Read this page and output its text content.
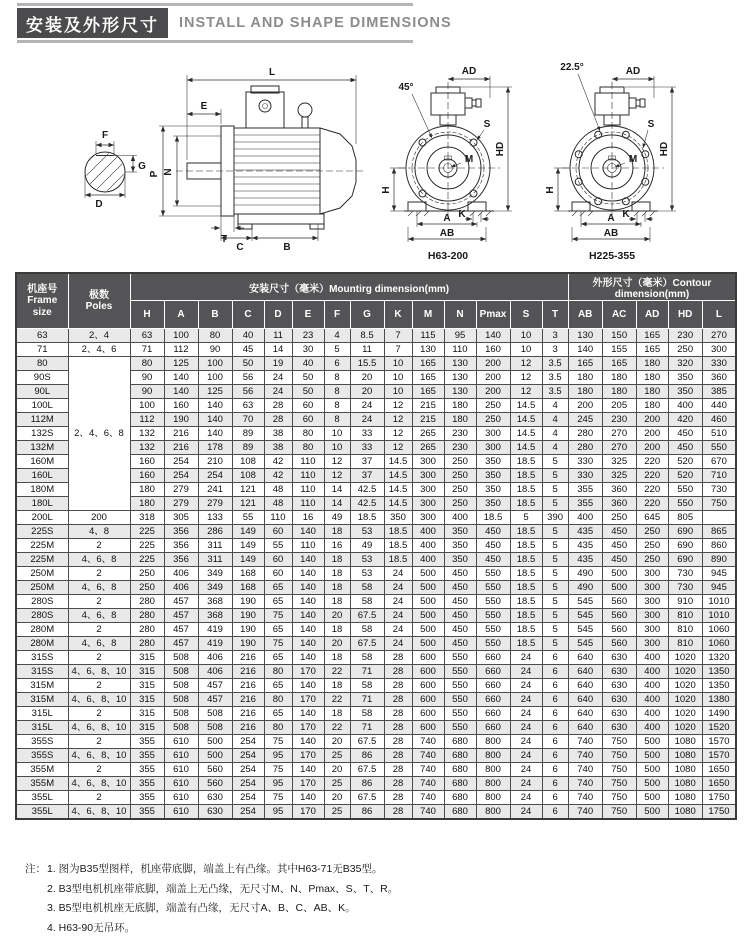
安装及外形尺寸	INSTALL AND SHAPE DIMENSIONS
F
G
D
L
E
P N
T
C	B
45°
AD
HD
H
S
M
K
A
AB
H63-200
22.5°	AD
HD
H
S
M
K
A
AB
H225-355
机座号
Frame
size	极数
Poles	安装尺寸（毫米）Mountirg dimension(mm)														外形尺寸（毫米）Contour dimension(mm)				
		H	A	B	C	D	E	F	G	K	M	N	Pmax	S	T	AB	AC	AD	HD	L
63	2、4	63	100	80	40	11	23	4	8.5	7	115	95	140	10	3	130	150	165	230	270
71	2、4、6	71	112	90	45	14	30	5	11	7	130	110	160	10	3	140	155	165	250	300
80	2、4、6、8	80	125	100	50	19	40	6	15.5	10	165	130	200	12	3.5	165	165	180	320	330
90S		90	140	100	56	24	50	8	20	10	165	130	200	12	3.5	180	180	180	350	360
90L		90	140	125	56	24	50	8	20	10	165	130	200	12	3.5	180	180	180	350	385
100L		100	160	140	63	28	60	8	24	12	215	180	250	14.5	4	200	205	180	400	440
112M		112	190	140	70	28	60	8	24	12	215	180	250	14.5	4	245	230	200	420	460
132S		132	216	140	89	38	80	10	33	12	265	230	300	14.5	4	280	270	200	450	510
132M		132	216	178	89	38	80	10	33	12	265	230	300	14.5	4	280	270	200	450	550
160M		160	254	210	108	42	110	12	37	14.5	300	250	350	18.5	5	330	325	220	520	670
160L		160	254	254	108	42	110	12	37	14.5	300	250	350	18.5	5	330	325	220	520	710
180M		180	279	241	121	48	110	14	42.5	14.5	300	250	350	18.5	5	355	360	220	550	730
180L		180	279	279	121	48	110	14	42.5	14.5	300	250	350	18.5	5	355	360	220	550	750
200L	200	318	305	133	55	110	16	49	18.5	350	300	400	18.5	5	390	400	250	645	805	
225S	4、8	225	356	286	149	60	140	18	53	18.5	400	350	450	18.5	5	435	450	250	690	865
225M	2	225	356	311	149	55	110	16	49	18.5	400	350	450	18.5	5	435	450	250	690	860
225M	4、6、8	225	356	311	149	60	140	18	53	18.5	400	350	450	18.5	5	435	450	250	690	890
250M	2	250	406	349	168	60	140	18	53	24	500	450	550	18.5	5	490	500	300	730	945
250M	4、6、8	250	406	349	168	65	140	18	58	24	500	450	550	18.5	5	490	500	300	730	945
280S	2	280	457	368	190	65	140	18	58	24	500	450	550	18.5	5	545	560	300	910	1010
280S	4、6、8	280	457	368	190	75	140	20	67.5	24	500	450	550	18.5	5	545	560	300	810	1010
280M	2	280	457	419	190	65	140	18	58	24	500	450	550	18.5	5	545	560	300	810	1060
280M	4、6、8	280	457	419	190	75	140	20	67.5	24	500	450	550	18.5	5	545	560	300	810	1060
315S	2	315	508	406	216	65	140	18	58	28	600	550	660	24	6	640	630	400	1020	1320
315S	4、6、8、10	315	508	406	216	80	170	22	71	28	600	550	660	24	6	640	630	400	1020	1350
315M	2	315	508	457	216	65	140	18	58	28	600	550	660	24	6	640	630	400	1020	1350
315M	4、6、8、10	315	508	457	216	80	170	22	71	28	600	550	660	24	6	640	630	400	1020	1380
315L	2	315	508	508	216	65	140	18	58	28	600	550	660	24	6	640	630	400	1020	1490
315L	4、6、8、10	315	508	508	216	80	170	22	71	28	600	550	660	24	6	640	630	400	1020	1520
355S	2	355	610	500	254	75	140	20	67.5	28	740	680	800	24	6	740	750	500	1080	1570
355S	4、6、8、10	355	610	500	254	95	170	25	86	28	740	680	800	24	6	740	750	500	1080	1570
355M	2	355	610	560	254	75	140	20	67.5	28	740	680	800	24	6	740	750	500	1080	1650
355M	4、6、8、10	355	610	560	254	95	170	25	86	28	740	680	800	24	6	740	750	500	1080	1650
355L	2	355	610	630	254	75	140	20	67.5	28	740	680	800	24	6	740	750	500	1080	1750
355L	4、6、8、10	355	610	630	254	95	170	25	86	28	740	680	800	24	6	740	750	500	1080	1750
注：1. 图为B35型图样，机座带底脚，端盖上有凸缘。其中H63-71无B35型。
2. B3型电机机座带底脚，端盖上无凸缘，无尺寸M、N、Pmax、S、T、R。
3. B5型电机机座无底脚，端盖有凸缘，无尺寸A、B、C、AB、K。
4. H63-90无吊环。
